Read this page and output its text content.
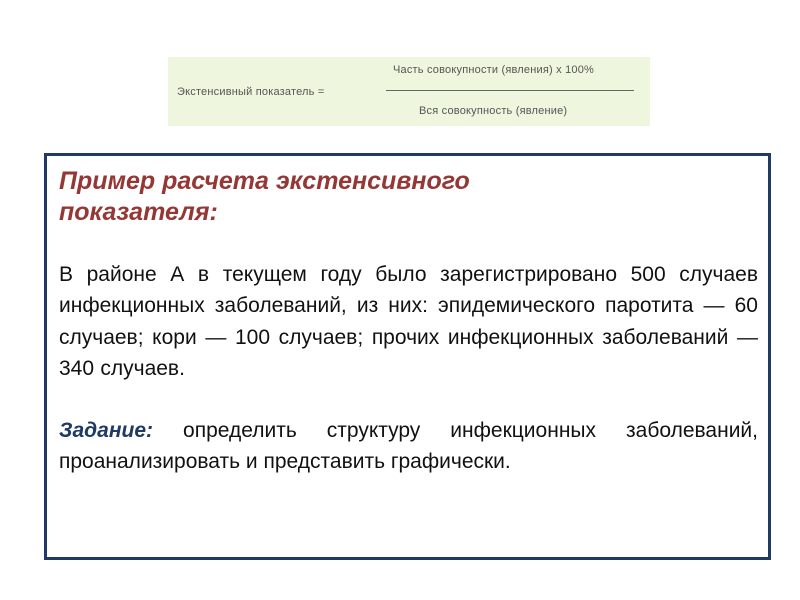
Экстенсивный показатель =
Часть совокупности (явления) х 100%
Вся совокупность (явление)
Пример расчета экстенсивного показателя:

В районе А в текущем году было зарегистрировано 500 случаев инфекционных заболеваний, из них: эпидемического паротита — 60 случаев; кори — 100 случаев; прочих инфекционных заболеваний — 340 случаев.

Задание: определить структуру инфекционных заболеваний, проанализировать и представить графически.
